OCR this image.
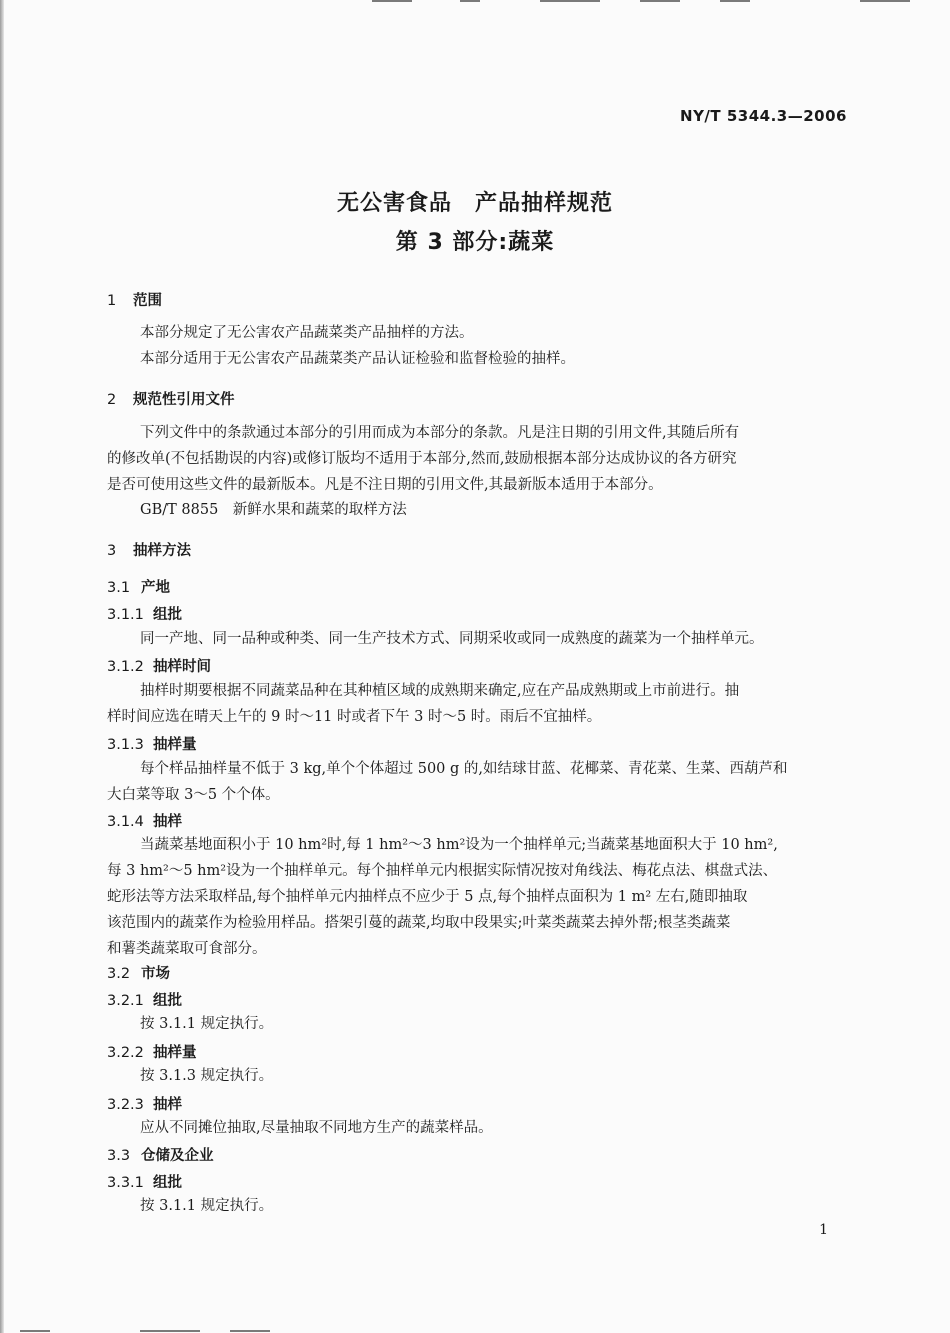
NY/T 5344.3—2006
无公害食品　产品抽样规范
第 3 部分:蔬菜
1 范围
本部分规定了无公害农产品蔬菜类产品抽样的方法。
本部分适用于无公害农产品蔬菜类产品认证检验和监督检验的抽样。
2 规范性引用文件
下列文件中的条款通过本部分的引用而成为本部分的条款。凡是注日期的引用文件,其随后所有
的修改单(不包括勘误的内容)或修订版均不适用于本部分,然而,鼓励根据本部分达成协议的各方研究
是否可使用这些文件的最新版本。凡是不注日期的引用文件,其最新版本适用于本部分。
GB/T 8855　新鲜水果和蔬菜的取样方法
3 抽样方法
3.1 产地
3.1.1 组批
同一产地、同一品种或种类、同一生产技术方式、同期采收或同一成熟度的蔬菜为一个抽样单元。
3.1.2 抽样时间
抽样时期要根据不同蔬菜品种在其种植区域的成熟期来确定,应在产品成熟期或上市前进行。抽
样时间应选在晴天上午的 9 时～11 时或者下午 3 时～5 时。雨后不宜抽样。
3.1.3 抽样量
每个样品抽样量不低于 3 kg,单个个体超过 500 g 的,如结球甘蓝、花椰菜、青花菜、生菜、西葫芦和
大白菜等取 3～5 个个体。
3.1.4 抽样
当蔬菜基地面积小于 10 hm²时,每 1 hm²～3 hm²设为一个抽样单元;当蔬菜基地面积大于 10 hm²,
每 3 hm²～5 hm²设为一个抽样单元。每个抽样单元内根据实际情况按对角线法、梅花点法、棋盘式法、
蛇形法等方法采取样品,每个抽样单元内抽样点不应少于 5 点,每个抽样点面积为 1 m² 左右,随即抽取
该范围内的蔬菜作为检验用样品。搭架引蔓的蔬菜,均取中段果实;叶菜类蔬菜去掉外帮;根茎类蔬菜
和薯类蔬菜取可食部分。
3.2 市场
3.2.1 组批
按 3.1.1 规定执行。
3.2.2 抽样量
按 3.1.3 规定执行。
3.2.3 抽样
应从不同摊位抽取,尽量抽取不同地方生产的蔬菜样品。
3.3 仓储及企业
3.3.1 组批
按 3.1.1 规定执行。
1
